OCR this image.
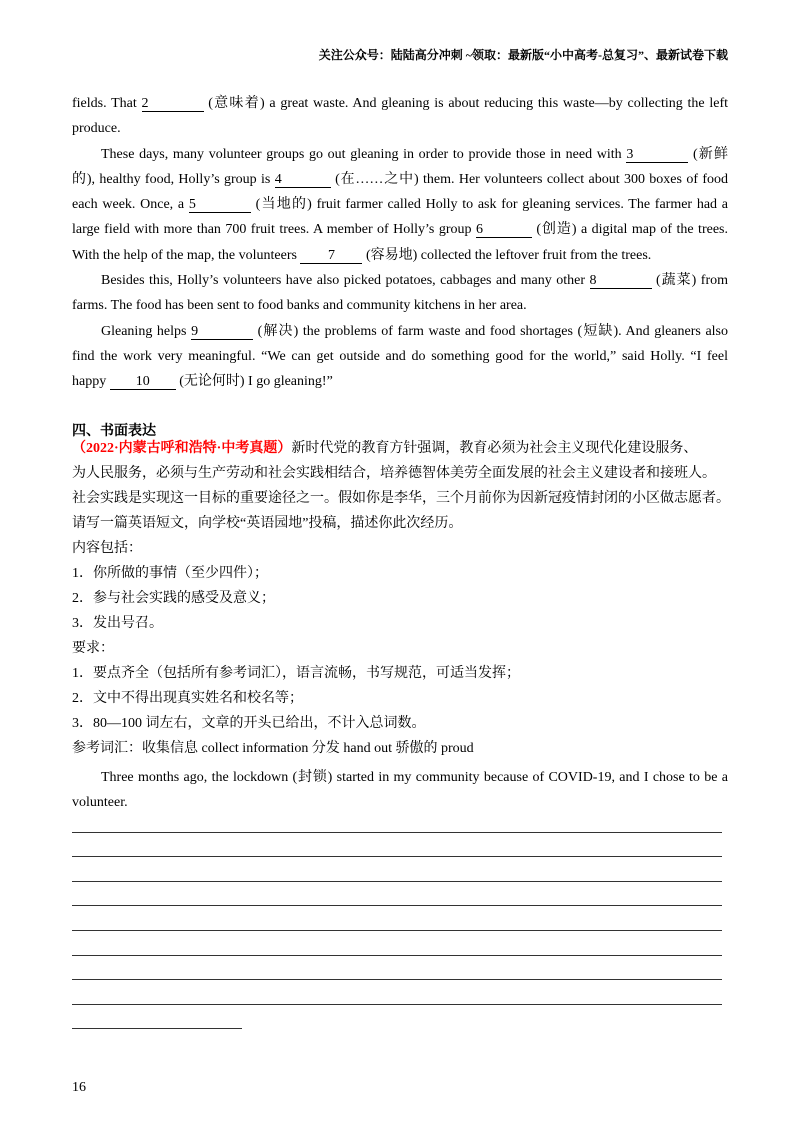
关注公众号：陆陆高分冲刺 ~领取：最新版“小中高考-总复习”、最新试卷下载
fields. That 2	(意味着) a great waste. And gleaning is about reducing this waste—by collecting the left
produce.
These days, many volunteer groups go out gleaning in order to provide those in need with 3	(新鲜
的), healthy food, Holly’s group is 4	(在……之中) them. Her volunteers collect about 300 boxes of food
each week. Once, a 5	(当地的) fruit farmer called Holly to ask for gleaning services. The farmer had a
large field with more than 700 fruit trees. A member of Holly’s group 6	(创造) a digital map of the trees.
With the help of the map, the volunteers 7 (容易地) collected the leftover fruit from the trees.
Besides this, Holly’s volunteers have also picked potatoes, cabbages and many other 8	(蔬菜) from
farms. The food has been sent to food banks and community kitchens in her area.
Gleaning helps 9	(解决) the problems of farm waste and food shortages (短缺). And gleaners also
find the work very meaningful. “We can get outside and do something good for the world,” said Holly. “I feel
happy 10 (无论何时) I go gleaning!”
四、书面表达
（2022·内蒙古呼和浩特·中考真题）新时代党的教育方针强调，教育必须为社会主义现代化建设服务、
为人民服务，必须与生产劳动和社会实践相结合，培养德智体美劳全面发展的社会主义建设者和接班人。
社会实践是实现这一目标的重要途径之一。假如你是李华，三个月前你为因新冠疫情封闭的小区做志愿者。
请写一篇英语短文，向学校“英语园地”投稿，描述你此次经历。
内容包括：
1．你所做的事情（至少四件）；
2．参与社会实践的感受及意义；
3．发出号召。
要求：
1．要点齐全（包括所有参考词汇），语言流畅，书写规范，可适当发挥；
2．文中不得出现真实姓名和校名等；
3．80—100 词左右，文章的开头已给出，不计入总词数。
参考词汇：收集信息 collect information 分发 hand out 骄傲的 proud
Three months ago, the lockdown (封锁) started in my community because of COVID-19, and I chose to be a
volunteer.
16
